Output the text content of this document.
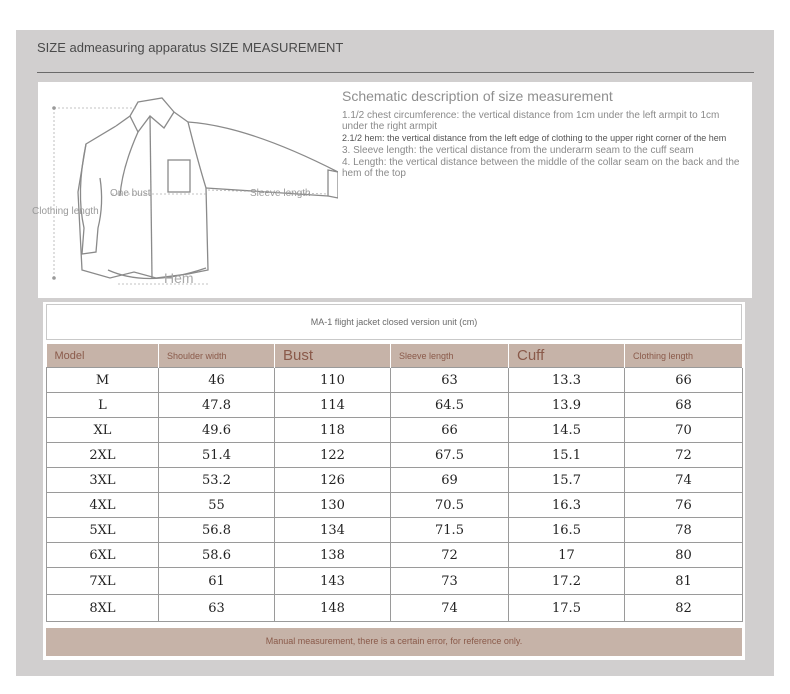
SIZE admeasuring apparatus SIZE MEASUREMENT
Clothing length
One bust	Sleeve length
Hem
Schematic description of size measurement
1.1/2 chest circumference: the vertical distance from 1cm under the left armpit to 1cm under the right armpit
2.1/2 hem: the vertical distance from the left edge of clothing to the upper right corner of the hem
3. Sleeve length: the vertical distance from the underarm seam to the cuff seam
4. Length: the vertical distance between the middle of the collar seam on the back and the hem of the top
MA-1 flight jacket closed version unit (cm)
Model	Shoulder width	Bust	Sleeve length	Cuff	Clothing length
M	46	110	63	13.3	66
L	47.8	114	64.5	13.9	68
XL	49.6	118	66	14.5	70
2XL	51.4	122	67.5	15.1	72
3XL	53.2	126	69	15.7	74
4XL	55	130	70.5	16.3	76
5XL	56.8	134	71.5	16.5	78
6XL	58.6	138	72	17	80
7XL	61	143	73	17.2	81
8XL	63	148	74	17.5	82
Manual measurement, there is a certain error, for reference only.
